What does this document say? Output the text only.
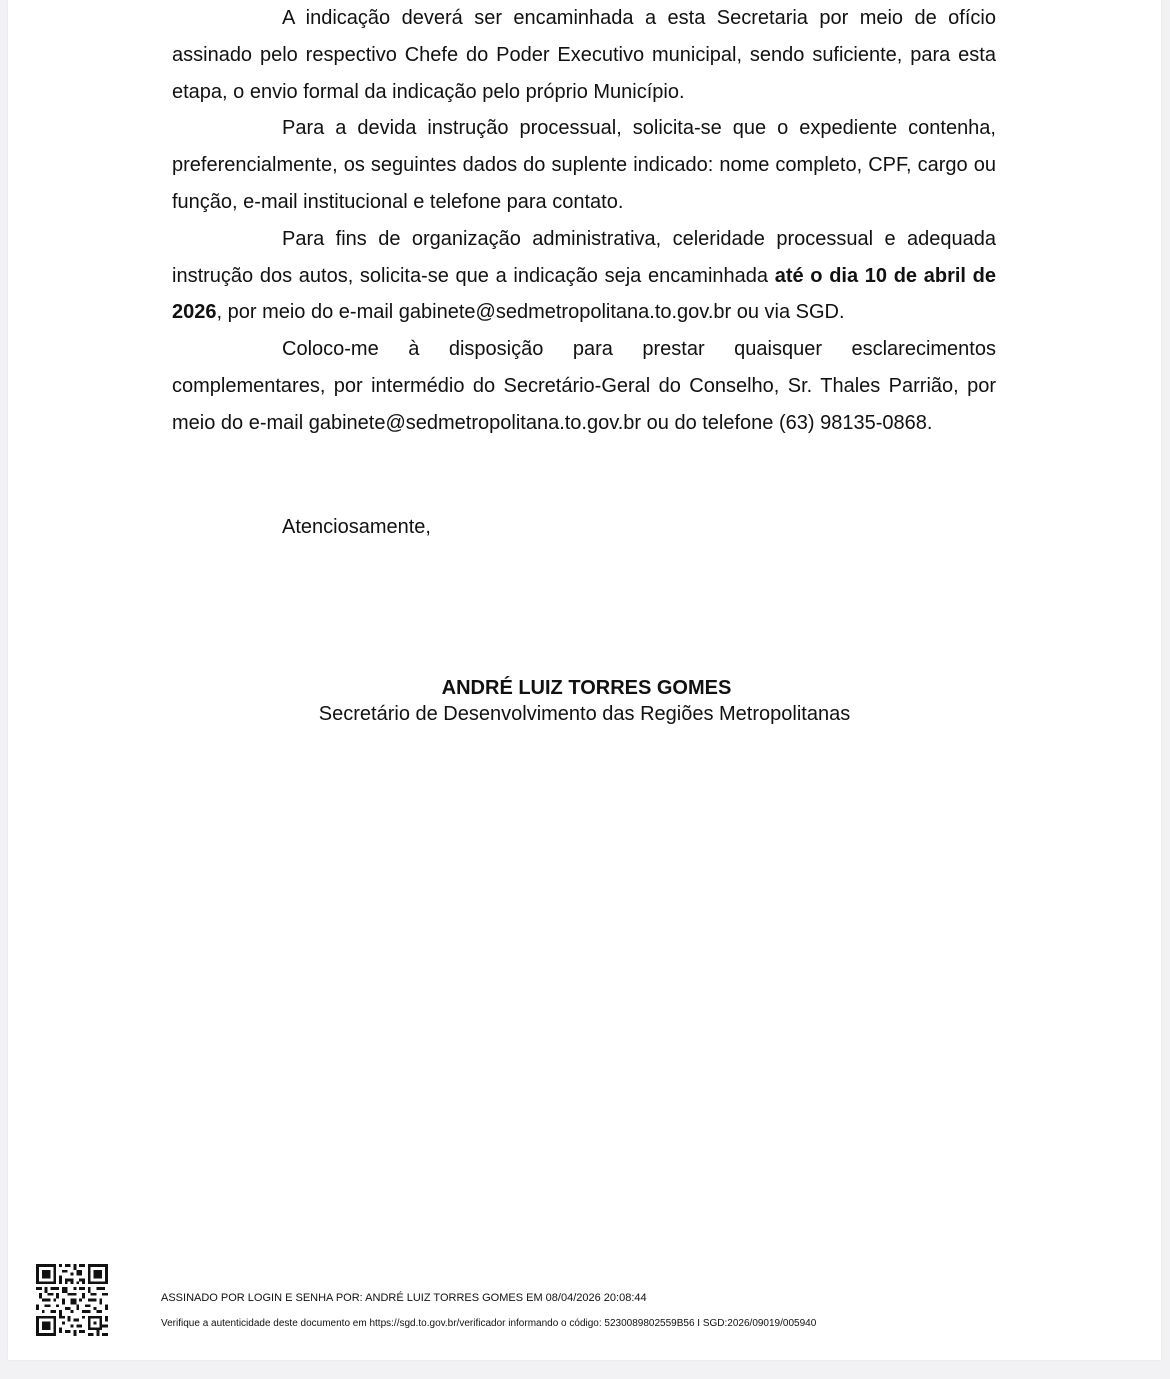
A indicação deverá ser encaminhada a esta Secretaria por meio de ofício assinado pelo respectivo Chefe do Poder Executivo municipal, sendo suficiente, para esta etapa, o envio formal da indicação pelo próprio Município.

Para a devida instrução processual, solicita-se que o expediente contenha, preferencialmente, os seguintes dados do suplente indicado: nome completo, CPF, cargo ou função, e-mail institucional e telefone para contato.

Para fins de organização administrativa, celeridade processual e adequada instrução dos autos, solicita-se que a indicação seja encaminhada até o dia 10 de abril de 2026, por meio do e-mail gabinete@sedmetropolitana.to.gov.br ou via SGD.

Coloco-me à disposição para prestar quaisquer esclarecimentos complementares, por intermédio do Secretário-Geral do Conselho, Sr. Thales Parrião, por meio do e-mail gabinete@sedmetropolitana.to.gov.br ou do telefone (63) 98135-0868.

Atenciosamente,

ANDRÉ LUIZ TORRES GOMES

Secretário de Desenvolvimento das Regiões Metropolitanas

ASSINADO POR LOGIN E SENHA POR: ANDRÉ LUIZ TORRES GOMES EM 08/04/2026 20:08:44

Verifique a autenticidade deste documento em https://sgd.to.gov.br/verificador informando o código: 5230089802559B56 I SGD:2026/09019/005940
